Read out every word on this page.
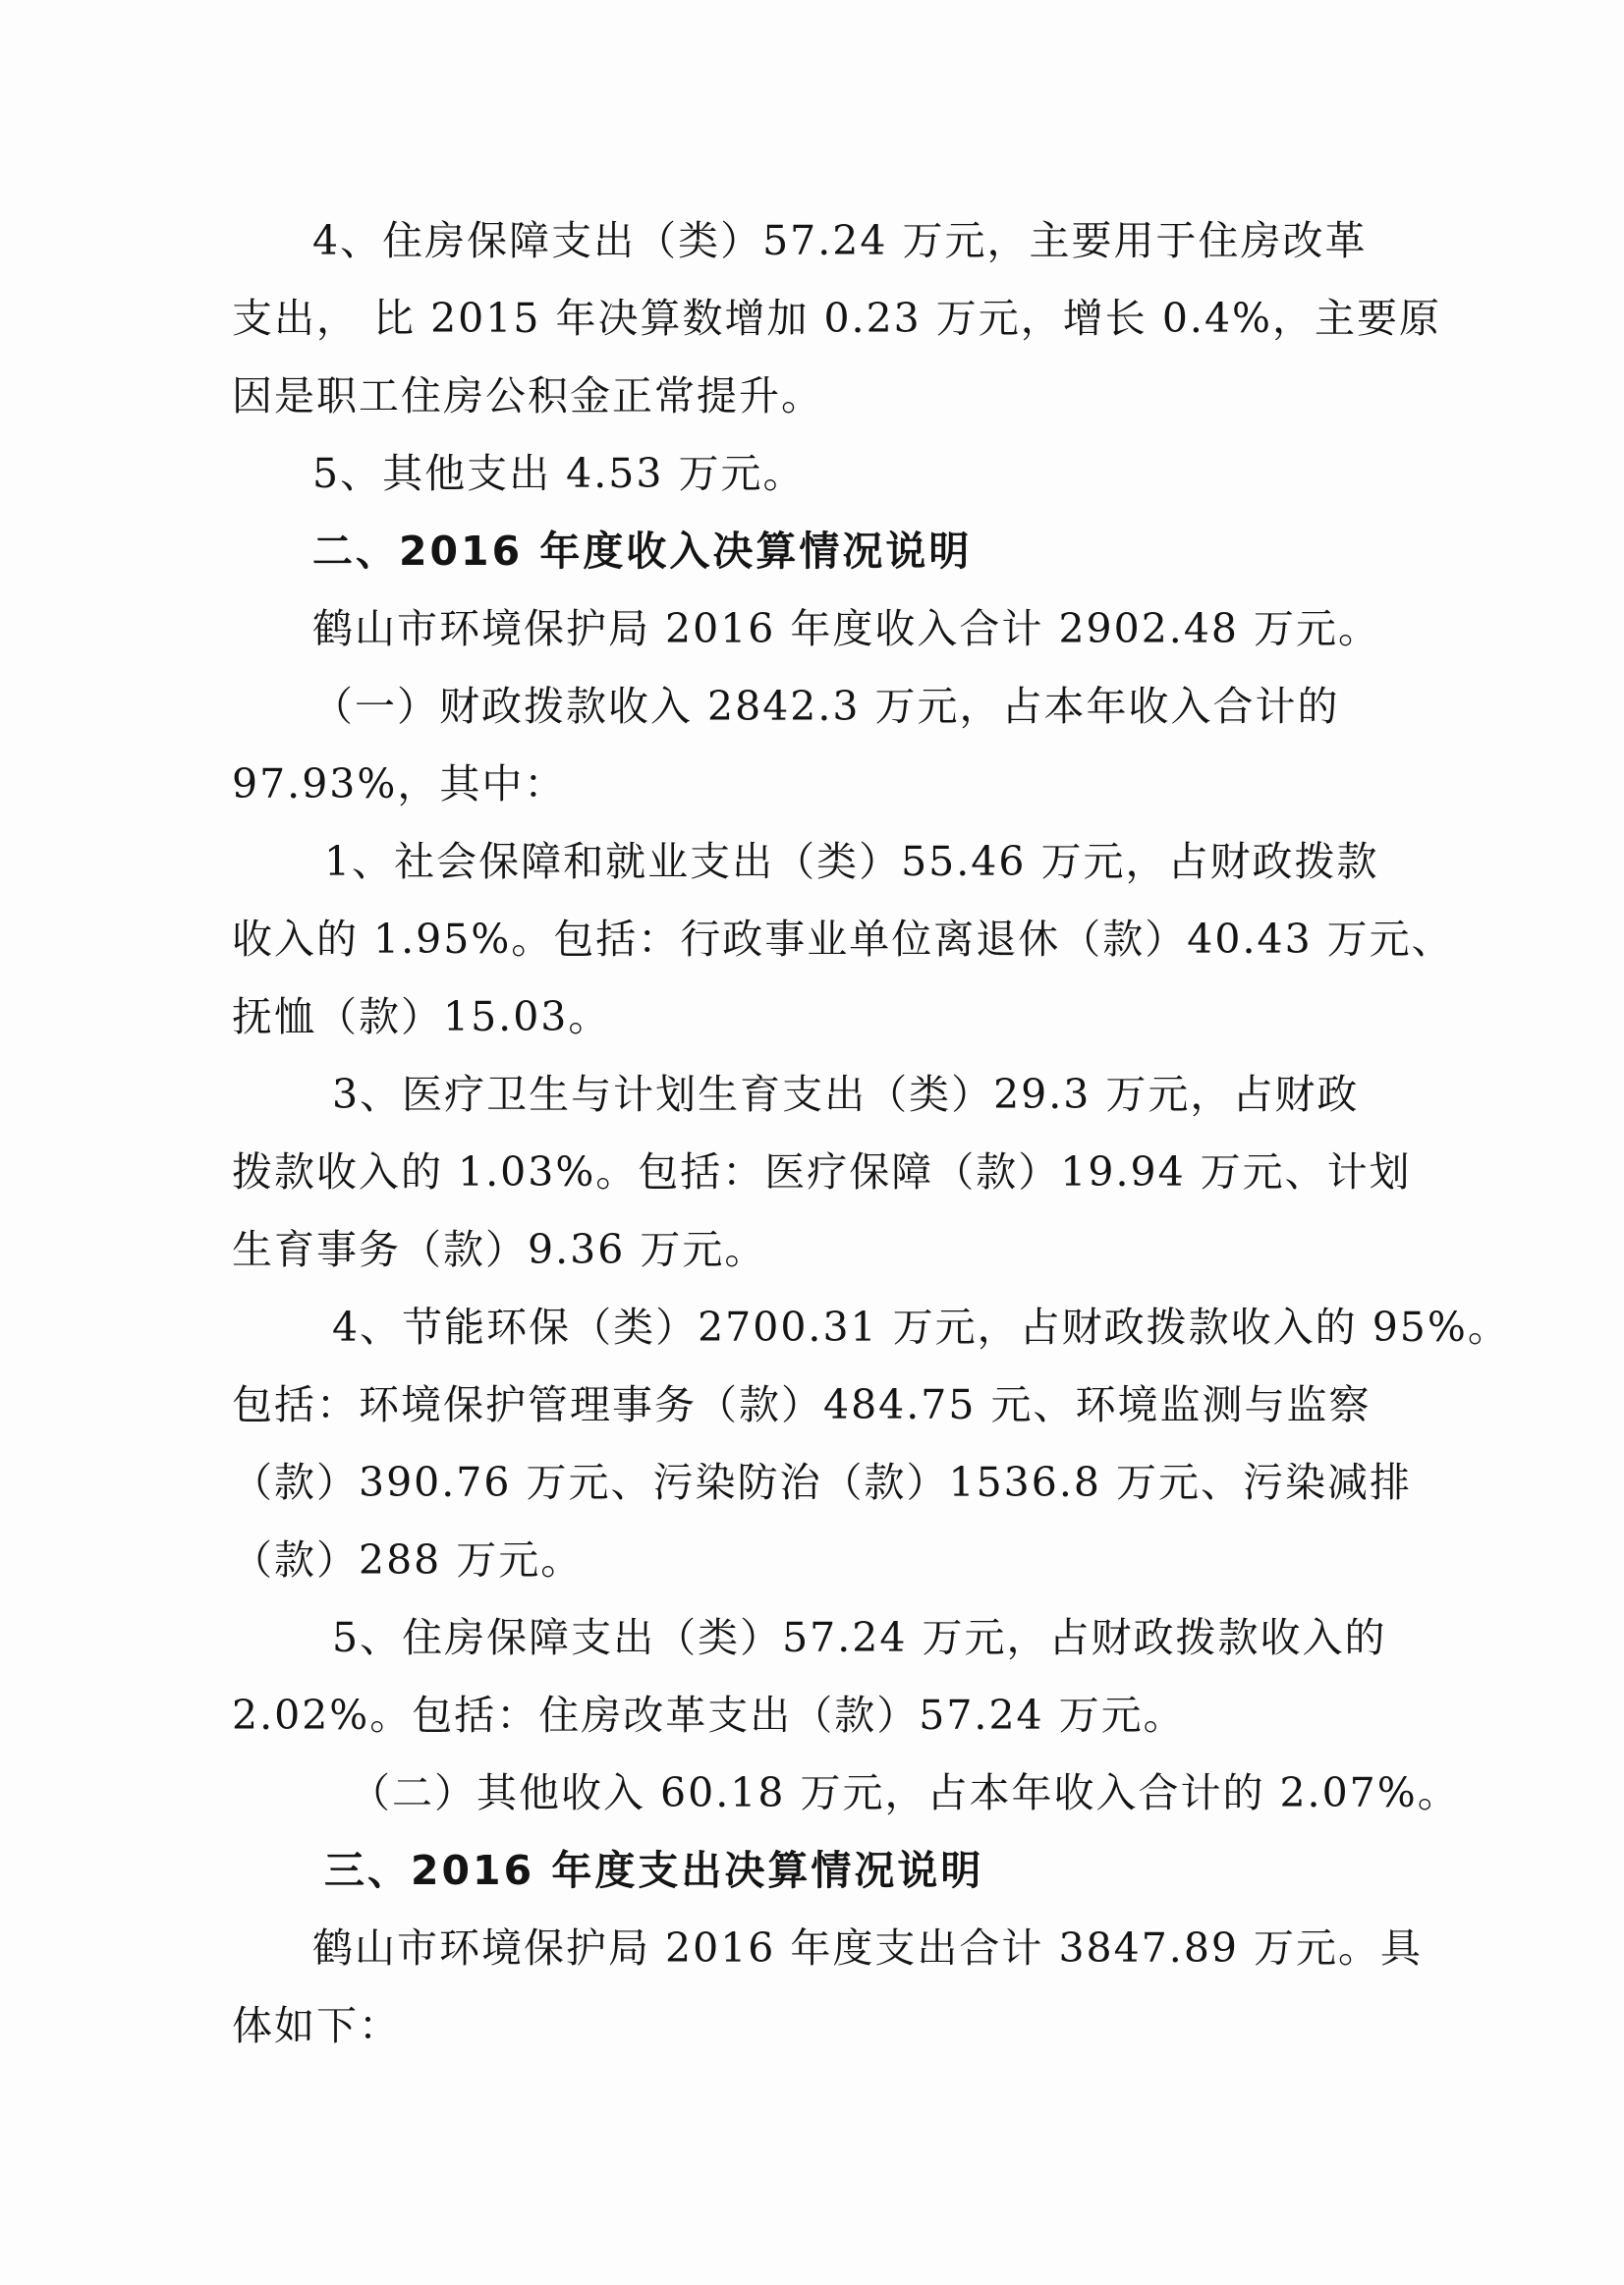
4、住房保障支出（类）57.24 万元，主要用于住房改革
支出， 比 2015 年决算数增加 0.23 万元，增长 0.4%，主要原
因是职工住房公积金正常提升。
5、其他支出 4.53 万元。
二、2016 年度收入决算情况说明
鹤山市环境保护局 2016 年度收入合计 2902.48 万元。
（一）财政拨款收入 2842.3 万元，占本年收入合计的
97.93%，其中：
1、社会保障和就业支出（类）55.46 万元，占财政拨款
收入的 1.95%。包括：行政事业单位离退休（款）40.43 万元、
抚恤（款）15.03。
3、医疗卫生与计划生育支出（类）29.3 万元，占财政
拨款收入的 1.03%。包括：医疗保障（款）19.94 万元、计划
生育事务（款）9.36 万元。
4、节能环保（类）2700.31 万元，占财政拨款收入的 95%。
包括：环境保护管理事务（款）484.75 元、环境监测与监察
（款）390.76 万元、污染防治（款）1536.8 万元、污染减排
（款）288 万元。
5、住房保障支出（类）57.24 万元，占财政拨款收入的
2.02%。包括：住房改革支出（款）57.24 万元。
（二）其他收入 60.18 万元，占本年收入合计的 2.07%。
三、2016 年度支出决算情况说明
鹤山市环境保护局 2016 年度支出合计 3847.89 万元。具
体如下：
